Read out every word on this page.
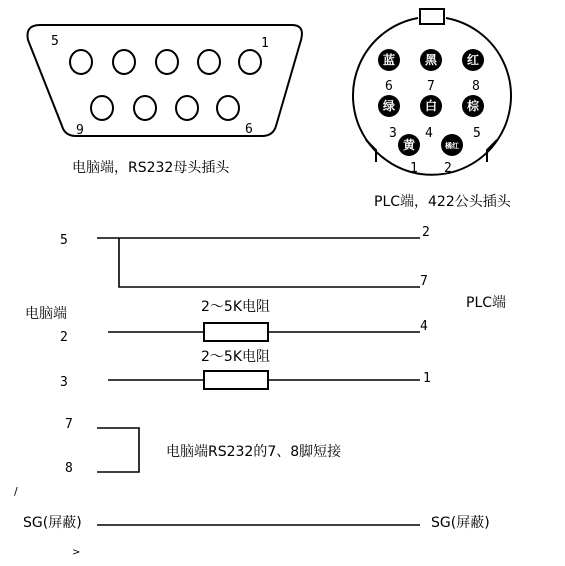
5	1
9	6
电脑端，RS232母头插头
蓝 黑 红
6	7	8
绿 白 棕
3 4	5
黄	橘红
1 2
PLC端，422公头插头
5
2
7
电脑端
PLC端
2
2～5K电阻
4
3
2～5K电阻
1
7
8
电脑端RS232的7、8脚短接
/
SG(屏蔽)	SG(屏蔽)
>
